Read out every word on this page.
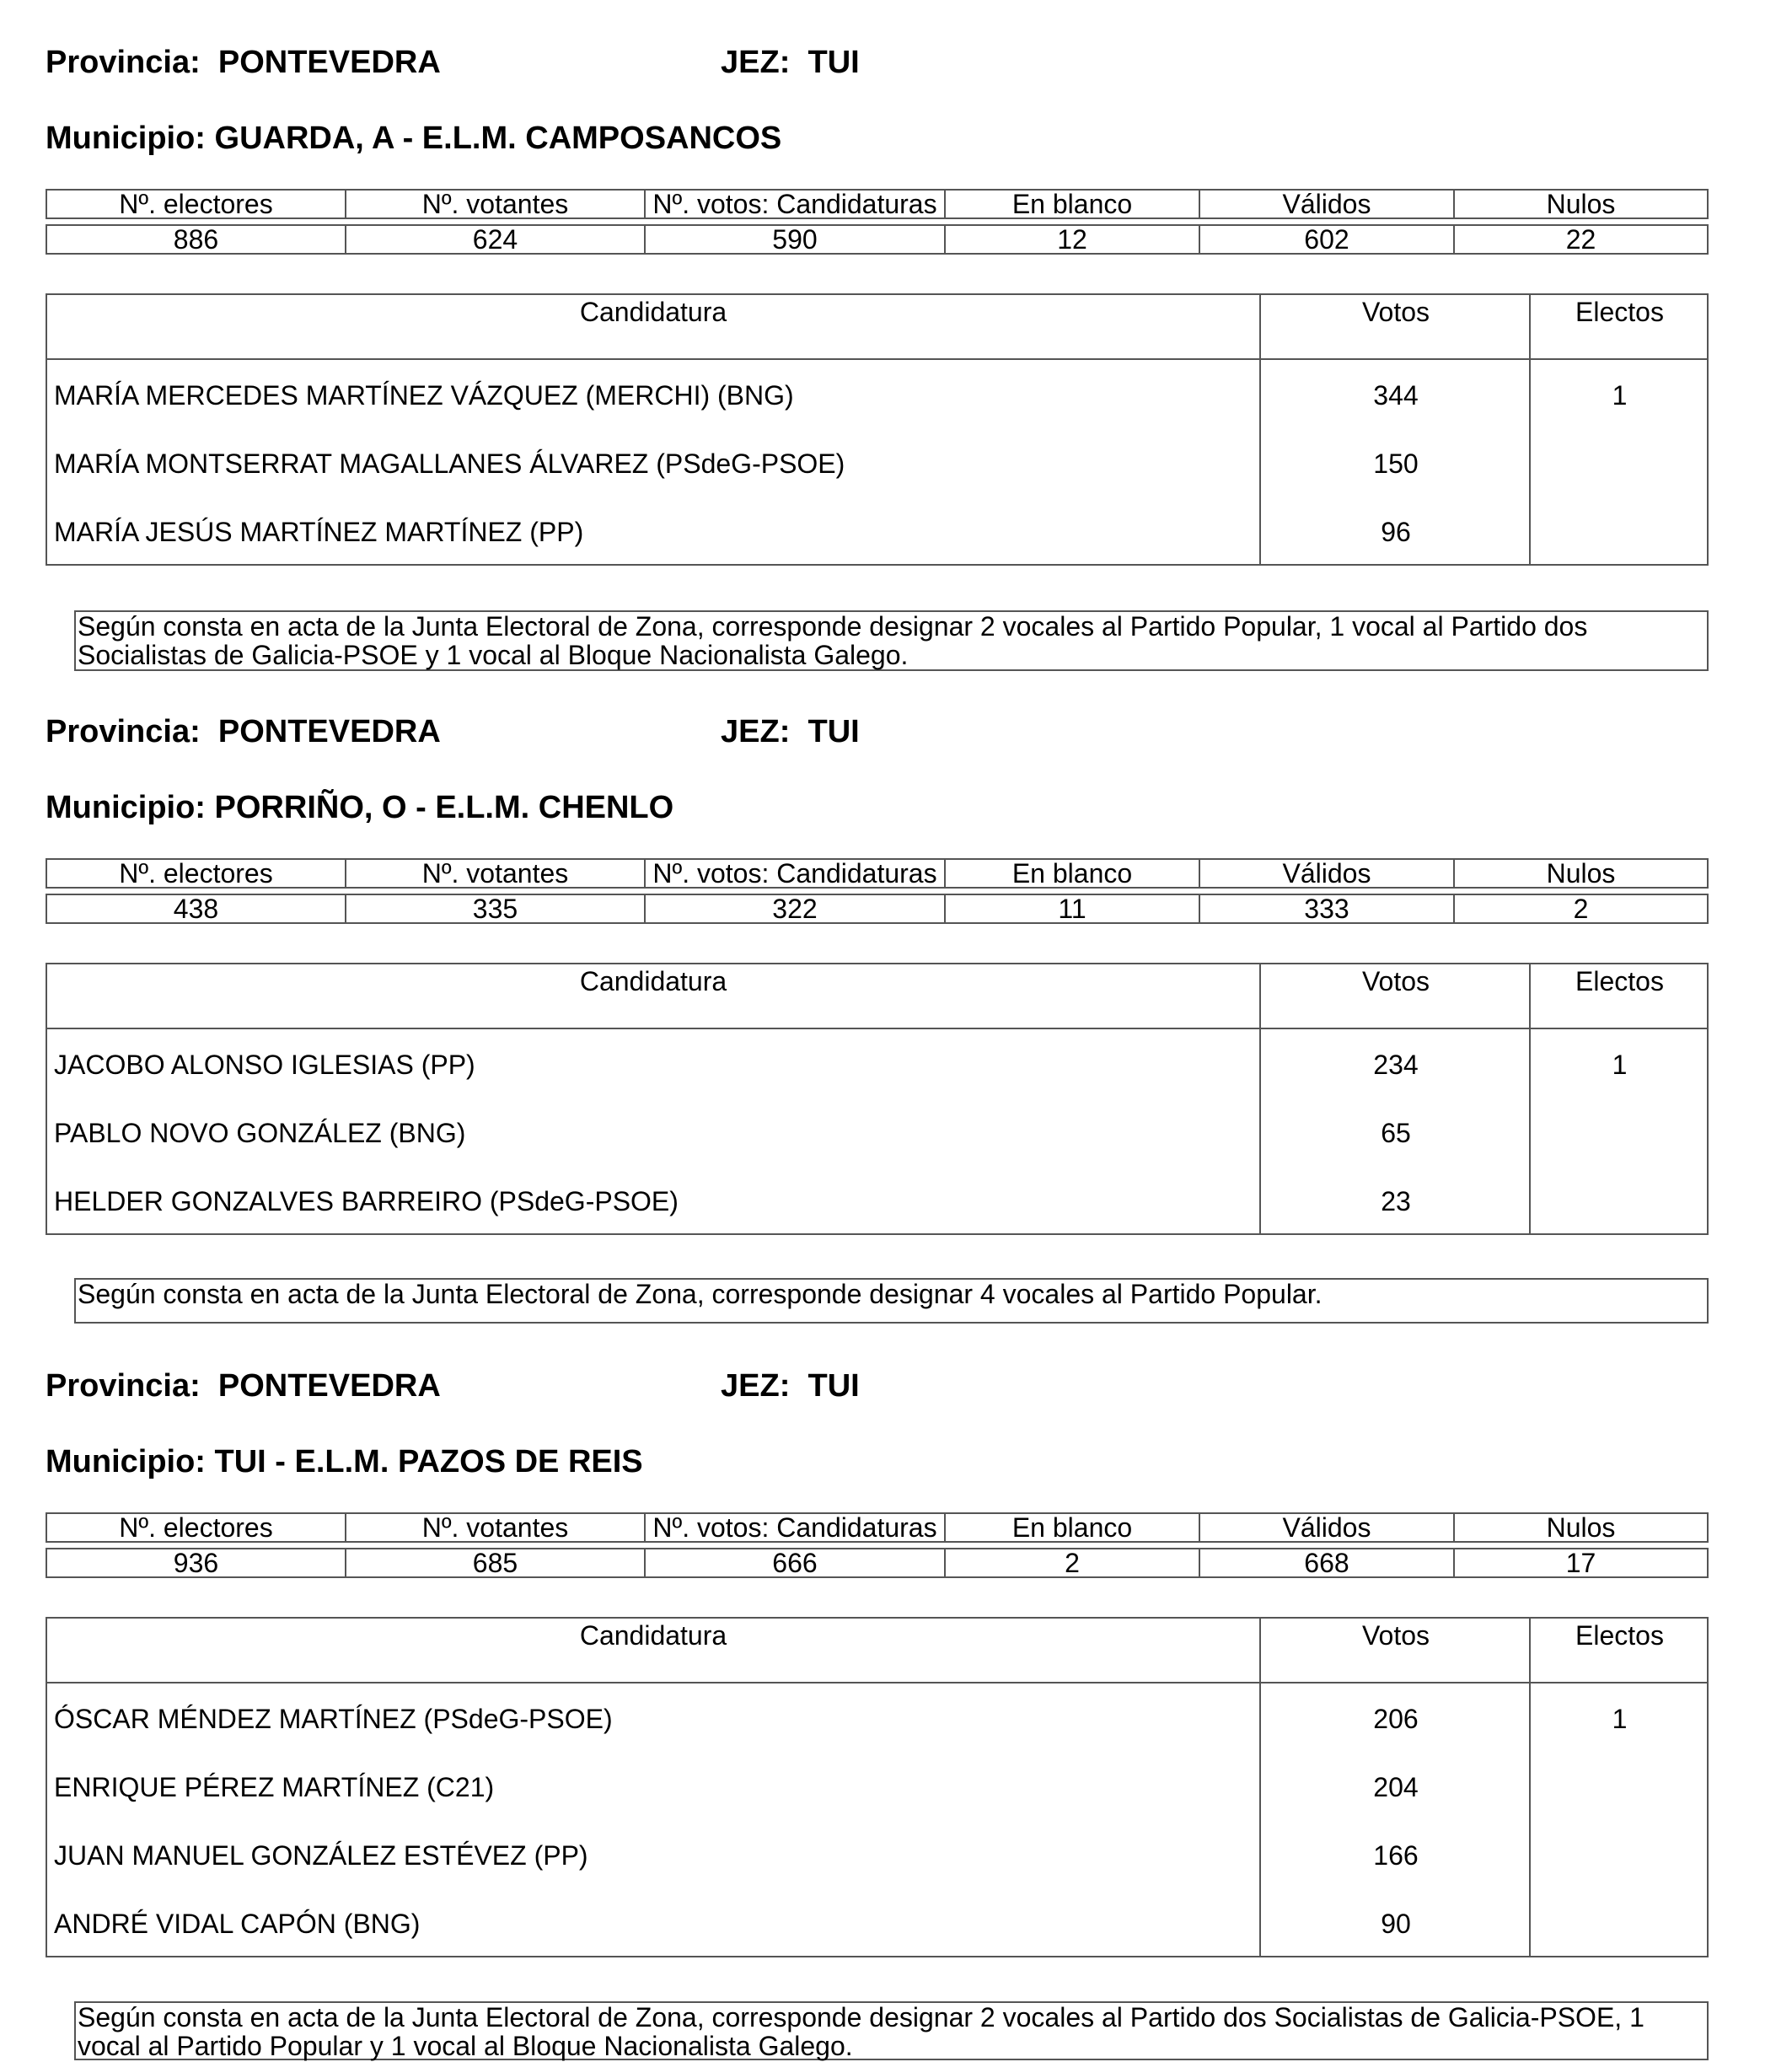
Provincia: PONTEVEDRA	JEZ: TUI
Municipio: GUARDA, A - E.L.M. CAMPOSANCOS
Nº. electores	Nº. votantes	Nº. votos: Candidaturas	En blanco	Válidos	Nulos
886	624	590	12	602	22
Candidatura	Votos	Electos
MARÍA MERCEDES MARTÍNEZ VÁZQUEZ (MERCHI) (BNG)	344	1
MARÍA MONTSERRAT MAGALLANES ÁLVAREZ (PSdeG-PSOE)	150
MARÍA JESÚS MARTÍNEZ MARTÍNEZ (PP)	96
Según consta en acta de la Junta Electoral de Zona, corresponde designar 2 vocales al Partido Popular, 1 vocal al Partido dos Socialistas de Galicia-PSOE y 1 vocal al Bloque Nacionalista Galego.
Provincia: PONTEVEDRA	JEZ: TUI
Municipio: PORRIÑO, O - E.L.M. CHENLO
Nº. electores	Nº. votantes	Nº. votos: Candidaturas	En blanco	Válidos	Nulos
438	335	322	11	333	2
Candidatura	Votos	Electos
JACOBO ALONSO IGLESIAS (PP)	234	1
PABLO NOVO GONZÁLEZ (BNG)	65
HELDER GONZALVES BARREIRO (PSdeG-PSOE)	23
Según consta en acta de la Junta Electoral de Zona, corresponde designar 4 vocales al Partido Popular.
Provincia: PONTEVEDRA	JEZ: TUI
Municipio: TUI - E.L.M. PAZOS DE REIS
Nº. electores	Nº. votantes	Nº. votos: Candidaturas	En blanco	Válidos	Nulos
936	685	666	2	668	17
Candidatura	Votos	Electos
ÓSCAR MÉNDEZ MARTÍNEZ (PSdeG-PSOE)	206	1
ENRIQUE PÉREZ MARTÍNEZ (C21)	204
JUAN MANUEL GONZÁLEZ ESTÉVEZ (PP)	166
ANDRÉ VIDAL CAPÓN (BNG)	90
Según consta en acta de la Junta Electoral de Zona, corresponde designar 2 vocales al Partido dos Socialistas de Galicia-PSOE, 1 vocal al Partido Popular y 1 vocal al Bloque Nacionalista Galego.
